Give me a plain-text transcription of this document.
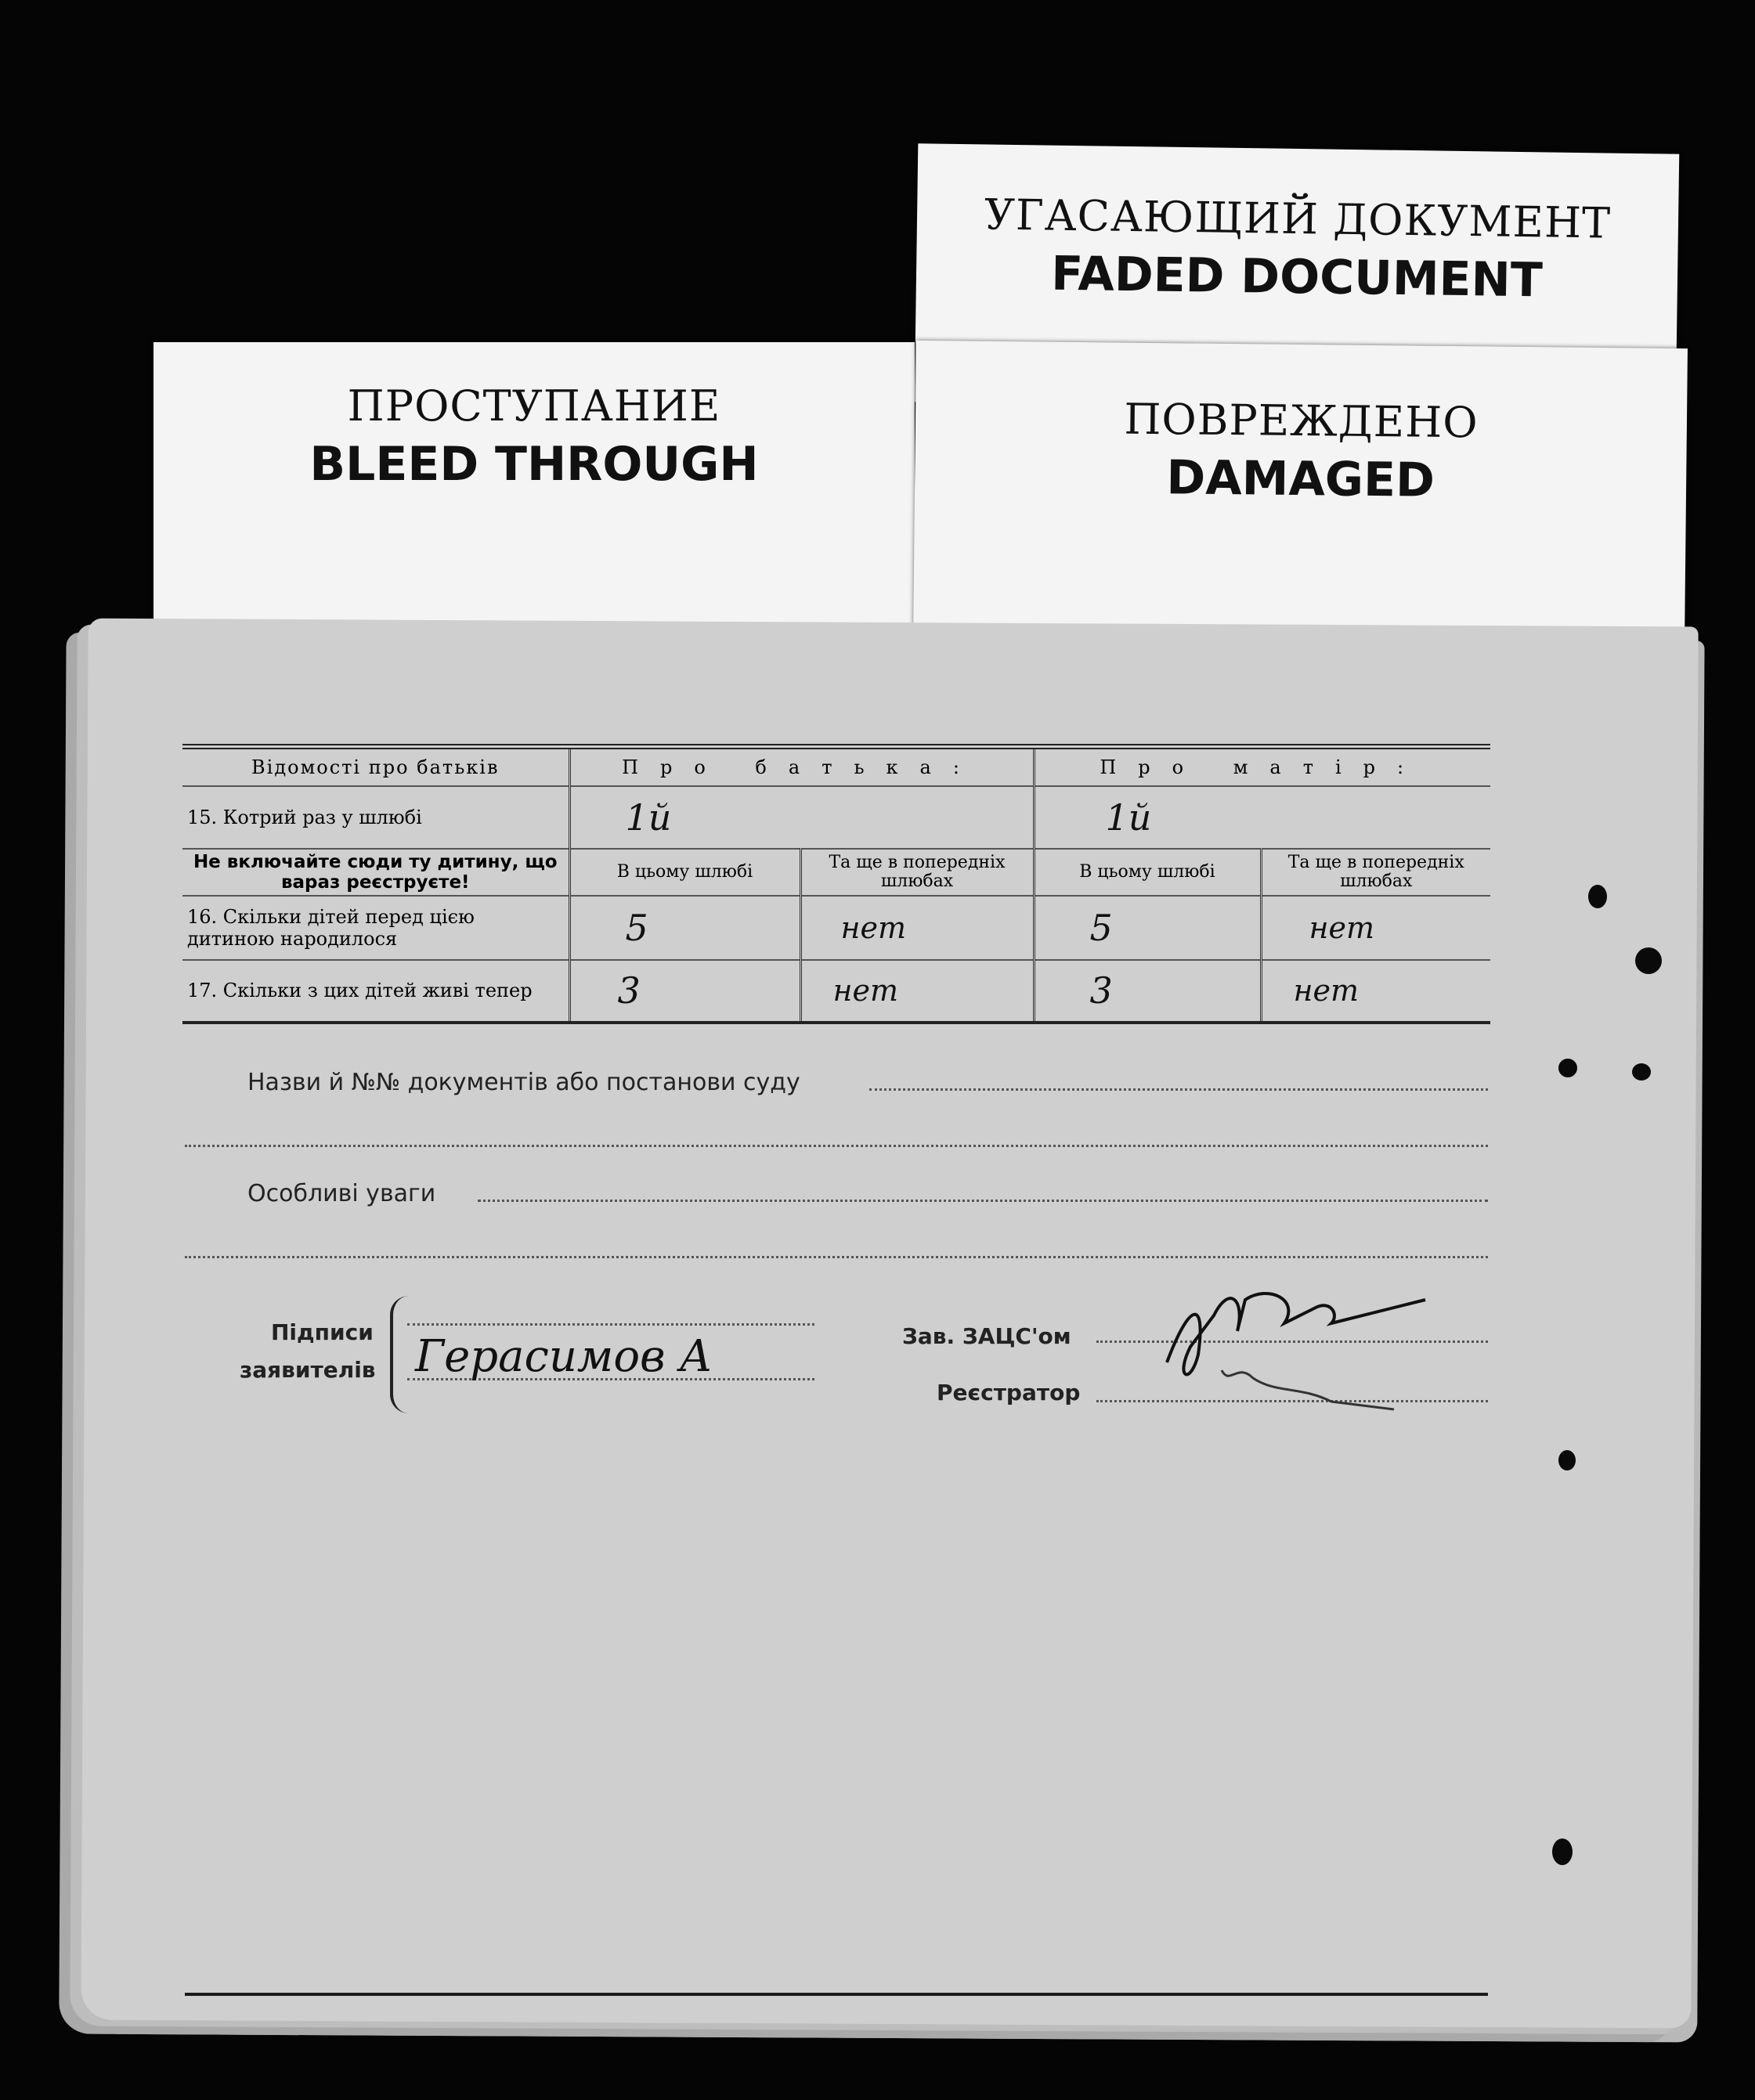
УГАСАЮЩИЙ ДОКУМЕНТ
FADED DOCUMENT
ПРОСТУПАНИЕ
BLEED THROUGH
ПОВРЕЖДЕНО
DAMAGED
Відомості про батьків	Про батька:		Про матір:	
15. Котрий раз у шлюбі	1й		1й	
Не включайте сюди ту дитину, що вараз реєструєте!	В цьому шлюбі	Та ще в попередніх шлюбах	В цьому шлюбі	Та ще в попередніх шлюбах
16. Скільки дітей перед цією дитиною народилося	5	нет	5	нет
17. Скільки з цих дітей живі тепер	3	нет	3	нет
Назви й №№ документів або постанови суду
Особливі уваги
Підписи
заявителів Герасимов А	Зав. ЗАЦС'ом
Реєстратор
